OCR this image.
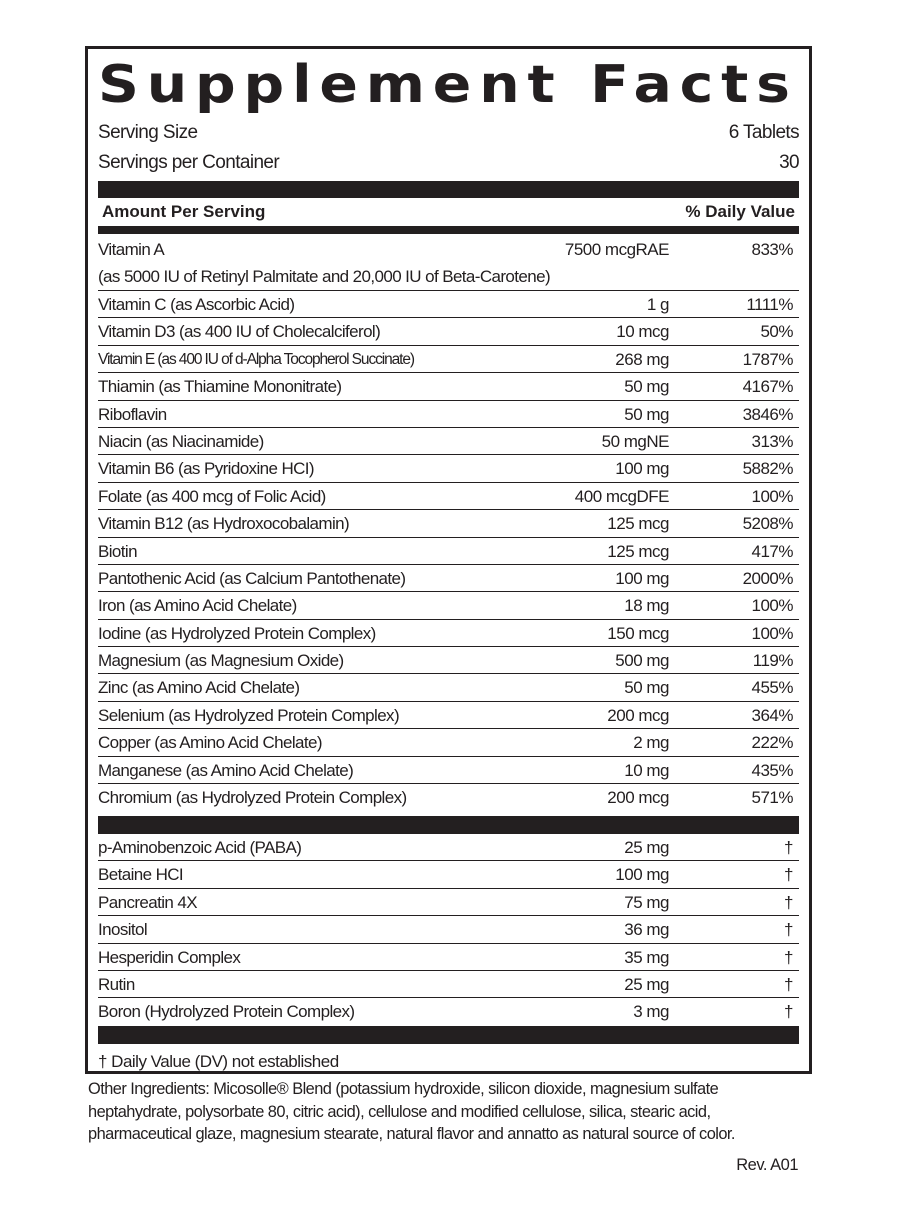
Supplement Facts
Serving Size	6 Tablets
Servings per Container	30
Amount Per Serving	% Daily Value
Vitamin A	7500 mcgRAE	833%
(as 5000 IU of Retinyl Palmitate and 20,000 IU of Beta-Carotene)
Vitamin C (as Ascorbic Acid)	1 g	1111%
Vitamin D3 (as 400 IU of Cholecalciferol)	10 mcg	50%
Vitamin E (as 400 IU of d-Alpha Tocopherol Succinate)	268 mg	1787%
Thiamin (as Thiamine Mononitrate)	50 mg	4167%
Riboflavin	50 mg	3846%
Niacin (as Niacinamide)	50 mgNE	313%
Vitamin B6 (as Pyridoxine HCI)	100 mg	5882%
Folate (as 400 mcg of Folic Acid)	400 mcgDFE	100%
Vitamin B12 (as Hydroxocobalamin)	125 mcg	5208%
Biotin	125 mcg	417%
Pantothenic Acid (as Calcium Pantothenate)	100 mg	2000%
Iron (as Amino Acid Chelate)	18 mg	100%
Iodine (as Hydrolyzed Protein Complex)	150 mcg	100%
Magnesium (as Magnesium Oxide)	500 mg	119%
Zinc (as Amino Acid Chelate)	50 mg	455%
Selenium (as Hydrolyzed Protein Complex)	200 mcg	364%
Copper (as Amino Acid Chelate)	2 mg	222%
Manganese (as Amino Acid Chelate)	10 mg	435%
Chromium (as Hydrolyzed Protein Complex)	200 mcg	571%
p-Aminobenzoic Acid (PABA)	25 mg	†
Betaine HCI	100 mg	†
Pancreatin 4X	75 mg	†
Inositol	36 mg	†
Hesperidin Complex	35 mg	†
Rutin	25 mg	†
Boron (Hydrolyzed Protein Complex)	3 mg	†
† Daily Value (DV) not established
Other Ingredients: Micosolle® Blend (potassium hydroxide, silicon dioxide, magnesium sulfate heptahydrate, polysorbate 80, citric acid), cellulose and modified cellulose, silica, stearic acid, pharmaceutical glaze, magnesium stearate, natural flavor and annatto as natural source of color.
Rev. A01
